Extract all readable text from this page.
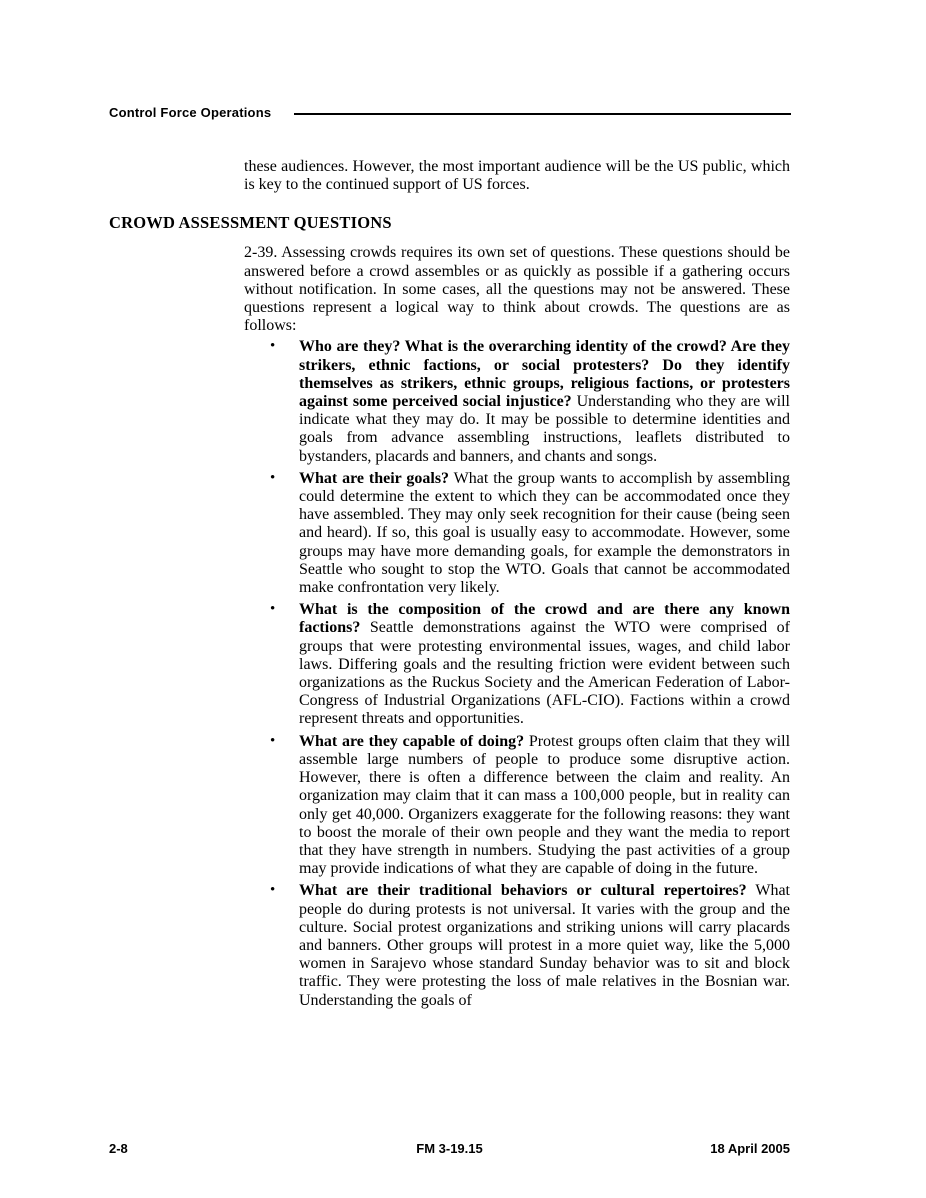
Control Force Operations

these audiences. However, the most important audience will be the US public, which is key to the continued support of US forces.

CROWD ASSESSMENT QUESTIONS

2-39. Assessing crowds requires its own set of questions. These questions should be answered before a crowd assembles or as quickly as possible if a gathering occurs without notification. In some cases, all the questions may not be answered. These questions represent a logical way to think about crowds. The questions are as follows:

• Who are they? What is the overarching identity of the crowd? Are they strikers, ethnic factions, or social protesters? Do they identify themselves as strikers, ethnic groups, religious factions, or protesters against some perceived social injustice? Understanding who they are will indicate what they may do. It may be possible to determine identities and goals from advance assembling instructions, leaflets distributed to bystanders, placards and banners, and chants and songs.
• What are their goals? What the group wants to accomplish by assembling could determine the extent to which they can be accommodated once they have assembled. They may only seek recognition for their cause (being seen and heard). If so, this goal is usually easy to accommodate. However, some groups may have more demanding goals, for example the demonstrators in Seattle who sought to stop the WTO. Goals that cannot be accommodated make confrontation very likely.
• What is the composition of the crowd and are there any known factions? Seattle demonstrations against the WTO were comprised of groups that were protesting environmental issues, wages, and child labor laws. Differing goals and the resulting friction were evident between such organizations as the Ruckus Society and the American Federation of Labor-Congress of Industrial Organizations (AFL-CIO). Factions within a crowd represent threats and opportunities.
• What are they capable of doing? Protest groups often claim that they will assemble large numbers of people to produce some disruptive action. However, there is often a difference between the claim and reality. An organization may claim that it can mass a 100,000 people, but in reality can only get 40,000. Organizers exaggerate for the following reasons: they want to boost the morale of their own people and they want the media to report that they have strength in numbers. Studying the past activities of a group may provide indications of what they are capable of doing in the future.
• What are their traditional behaviors or cultural repertoires? What people do during protests is not universal. It varies with the group and the culture. Social protest organizations and striking unions will carry placards and banners. Other groups will protest in a more quiet way, like the 5,000 women in Sarajevo whose standard Sunday behavior was to sit and block traffic. They were protesting the loss of male relatives in the Bosnian war. Understanding the goals of
2-8	FM 3-19.15	18 April 2005
